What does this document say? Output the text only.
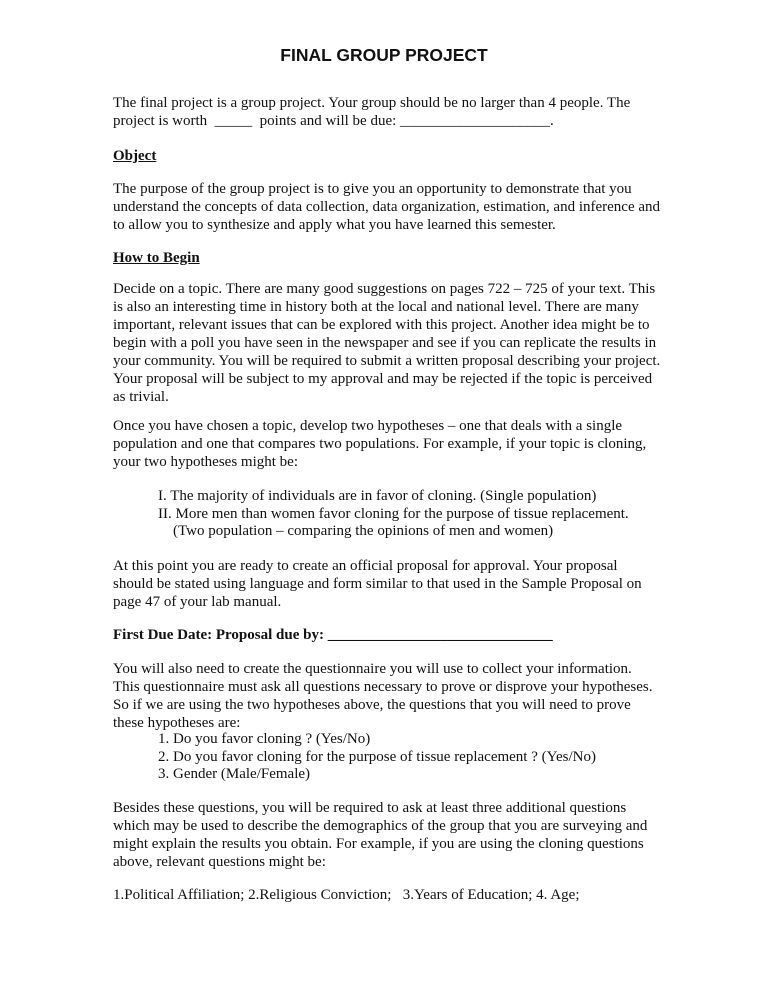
FINAL GROUP PROJECT
The final project is a group project. Your group should be no larger than 4 people. The
project is worth  _____  points and will be due: ____________________.
Object

The purpose of the group project is to give you an opportunity to demonstrate that you understand the concepts of data collection, data organization, estimation, and inference and to allow you to synthesize and apply what you have learned this semester.

How to Begin

Decide on a topic. There are many good suggestions on pages 722 – 725 of your text. This is also an interesting time in history both at the local and national level. There are many important, relevant issues that can be explored with this project. Another idea might be to begin with a poll you have seen in the newspaper and see if you can replicate the results in your community. You will be required to submit a written proposal describing your project. Your proposal will be subject to my approval and may be rejected if the topic is perceived as trivial.

Once you have chosen a topic, develop two hypotheses – one that deals with a single population and one that compares two populations. For example, if your topic is cloning, your two hypotheses might be:

I. The majority of individuals are in favor of cloning. (Single population)
II. More men than women favor cloning for the purpose of tissue replacement.
(Two population – comparing the opinions of men and women)

At this point you are ready to create an official proposal for approval. Your proposal should be stated using language and form similar to that used in the Sample Proposal on page 47 of your lab manual.

First Due Date: Proposal due by: ______________________________

You will also need to create the questionnaire you will use to collect your information. This questionnaire must ask all questions necessary to prove or disprove your hypotheses. So if we are using the two hypotheses above, the questions that you will need to prove these hypotheses are:

1. Do you favor cloning ? (Yes/No)
2. Do you favor cloning for the purpose of tissue replacement ? (Yes/No)
3. Gender (Male/Female)

Besides these questions, you will be required to ask at least three additional questions which may be used to describe the demographics of the group that you are surveying and might explain the results you obtain. For example, if you are using the cloning questions above, relevant questions might be:

1.Political Affiliation; 2.Religious Conviction;   3.Years of Education; 4. Age;
